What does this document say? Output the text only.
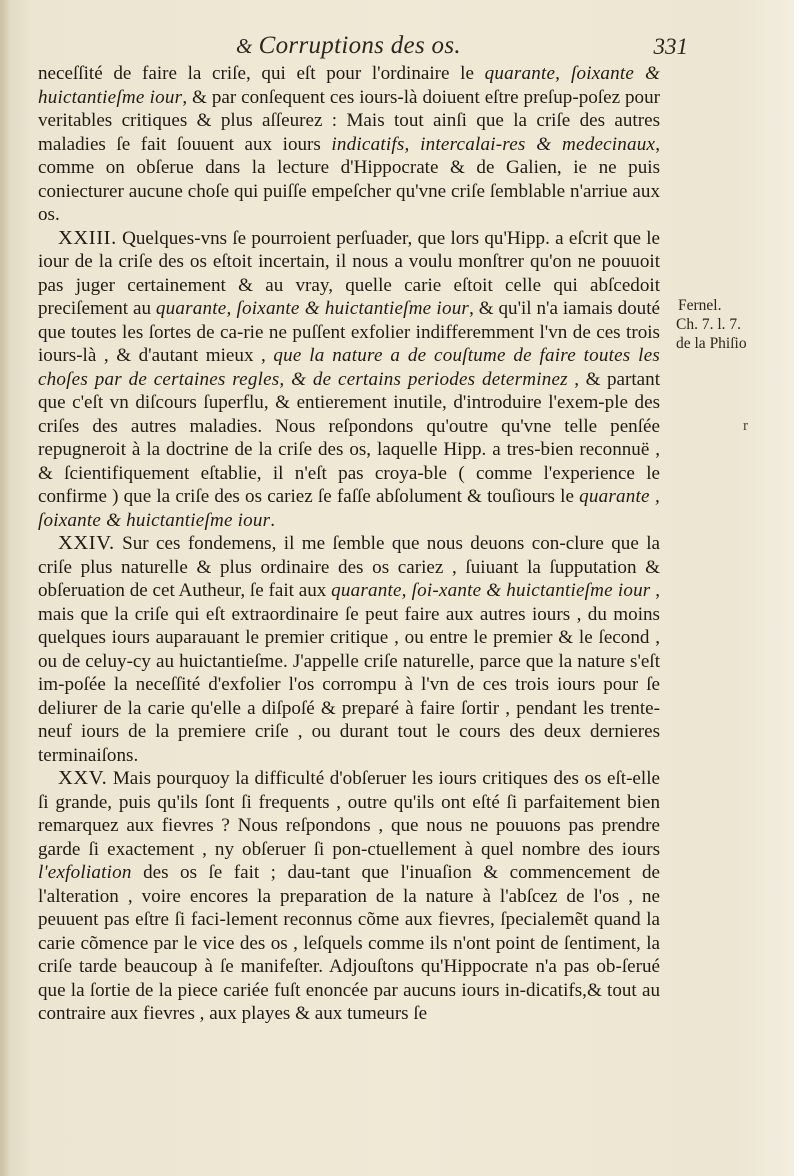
& Corruptions des os.	331

neceſſité de faire la criſe, qui eſt pour l'ordinaire le quarante, ſoixante & huictantieſme iour, & par conſequent ces iours-là doiuent eſtre preſup-poſez pour veritables critiques & plus aſſeurez : Mais tout ainſi que la criſe des autres maladies ſe fait ſouuent aux iours indicatifs, intercalai-res & medecinaux, comme on obſerue dans la lecture d'Hippocrate & de Galien, ie ne puis coniecturer aucune choſe qui puiſſe empeſcher qu'vne criſe ſemblable n'arriue aux os.

XXIII. Quelques-vns ſe pourroient perſuader, que lors qu'Hipp. a eſcrit que le iour de la criſe des os eſtoit incertain, il nous a voulu monſtrer qu'on ne pouuoit pas juger certainement & au vray, quelle carie eſtoit celle qui abſcedoit preciſement au quarante, ſoixante & huictantieſme iour, & qu'il n'a iamais douté que toutes les ſortes de ca-rie ne puſſent exfolier indifferemment l'vn de ces trois iours-là , & d'autant mieux , que la nature a de couſtume de faire toutes les choſes par de certaines regles, & de certains periodes determinez , & partant que c'eſt vn diſcours ſuperflu, & entierement inutile, d'introduire l'exem-ple des criſes des autres maladies. Nous reſpondons qu'outre qu'vne telle penſée repugneroit à la doctrine de la criſe des os, laquelle Hipp. a tres-bien reconnuë , & ſcientifiquement eſtablie, il n'eſt pas croya-ble ( comme l'experience le confirme ) que la criſe des os cariez ſe faſſe abſolument & touſiours le quarante , ſoixante & huictantieſme iour.

XXIV. Sur ces fondemens, il me ſemble que nous deuons con-clure que la criſe plus naturelle & plus ordinaire des os cariez , ſuiuant la ſupputation & obſeruation de cet Autheur, ſe fait aux quarante, ſoi-xante & huictantieſme iour , mais que la criſe qui eſt extraordinaire ſe peut faire aux autres iours , du moins quelques iours auparauant le premier critique , ou entre le premier & le ſecond , ou de celuy-cy au huictantieſme. J'appelle criſe naturelle, parce que la nature s'eſt im-poſée la neceſſité d'exfolier l'os corrompu à l'vn de ces trois iours pour ſe deliurer de la carie qu'elle a diſpoſé & preparé à faire ſortir , pendant les trente-neuf iours de la premiere criſe , ou durant tout le cours des deux dernieres terminaiſons.

XXV. Mais pourquoy la difficulté d'obſeruer les iours critiques des os eſt-elle ſi grande, puis qu'ils ſont ſi frequents , outre qu'ils ont eſté ſi parfaitement bien remarquez aux fievres ? Nous reſpondons , que nous ne pouuons pas prendre garde ſi exactement , ny obſeruer ſi pon-ctuellement à quel nombre des iours l'exfoliation des os ſe fait ; dau-tant que l'inuaſion & commencement de l'alteration , voire encores la preparation de la nature à l'abſcez de l'os , ne peuuent pas eſtre ſi faci-lement reconnus cõme aux fievres, ſpecialemẽt quand la carie cõmence par le vice des os , leſquels comme ils n'ont point de ſentiment, la criſe tarde beaucoup à ſe manifeſter. Adjouſtons qu'Hippocrate n'a pas ob-ſerué que la ſortie de la piece cariée fuſt enoncée par aucuns iours in-dicatifs,& tout au contraire aux fievres , aux playes & aux tumeurs ſe

Fernel.
Ch. 7. l. 7.
de la Phiſio
r
